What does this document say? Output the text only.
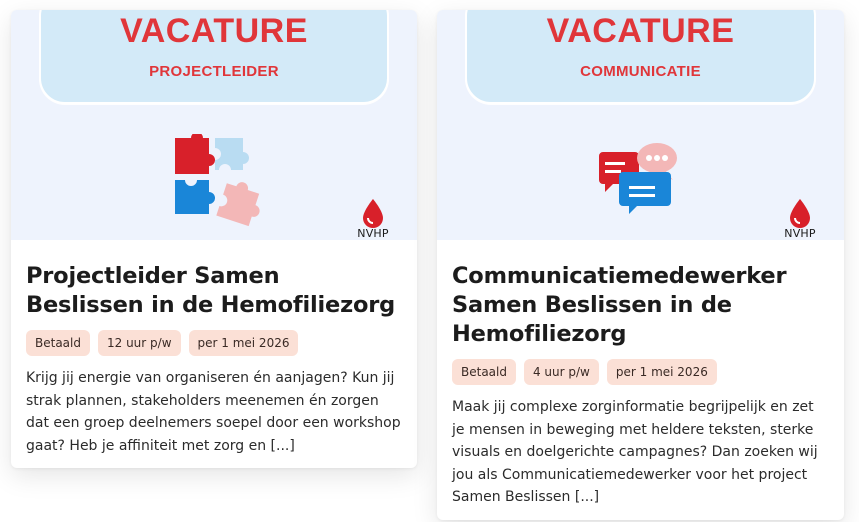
VACATURE
PROJECTLEIDER
NVHP
Projectleider Samen Beslissen in de Hemofiliezorg
Betaald	12 uur p/w	per 1 mei 2026

Krijg jij energie van organiseren én aanjagen? Kun jij strak plannen, stakeholders meenemen én zorgen dat een groep deelnemers soepel door een workshop gaat? Heb je affiniteit met zorg en [...]

VACATURE
COMMUNICATIE
NVHP
Communicatiemedewerker Samen Beslissen in de Hemofiliezorg
Betaald	4 uur p/w	per 1 mei 2026

Maak jij complexe zorginformatie begrijpelijk en zet je mensen in beweging met heldere teksten, sterke visuals en doelgerichte campagnes? Dan zoeken wij jou als Communicatiemedewerker voor het project Samen Beslissen [...]
